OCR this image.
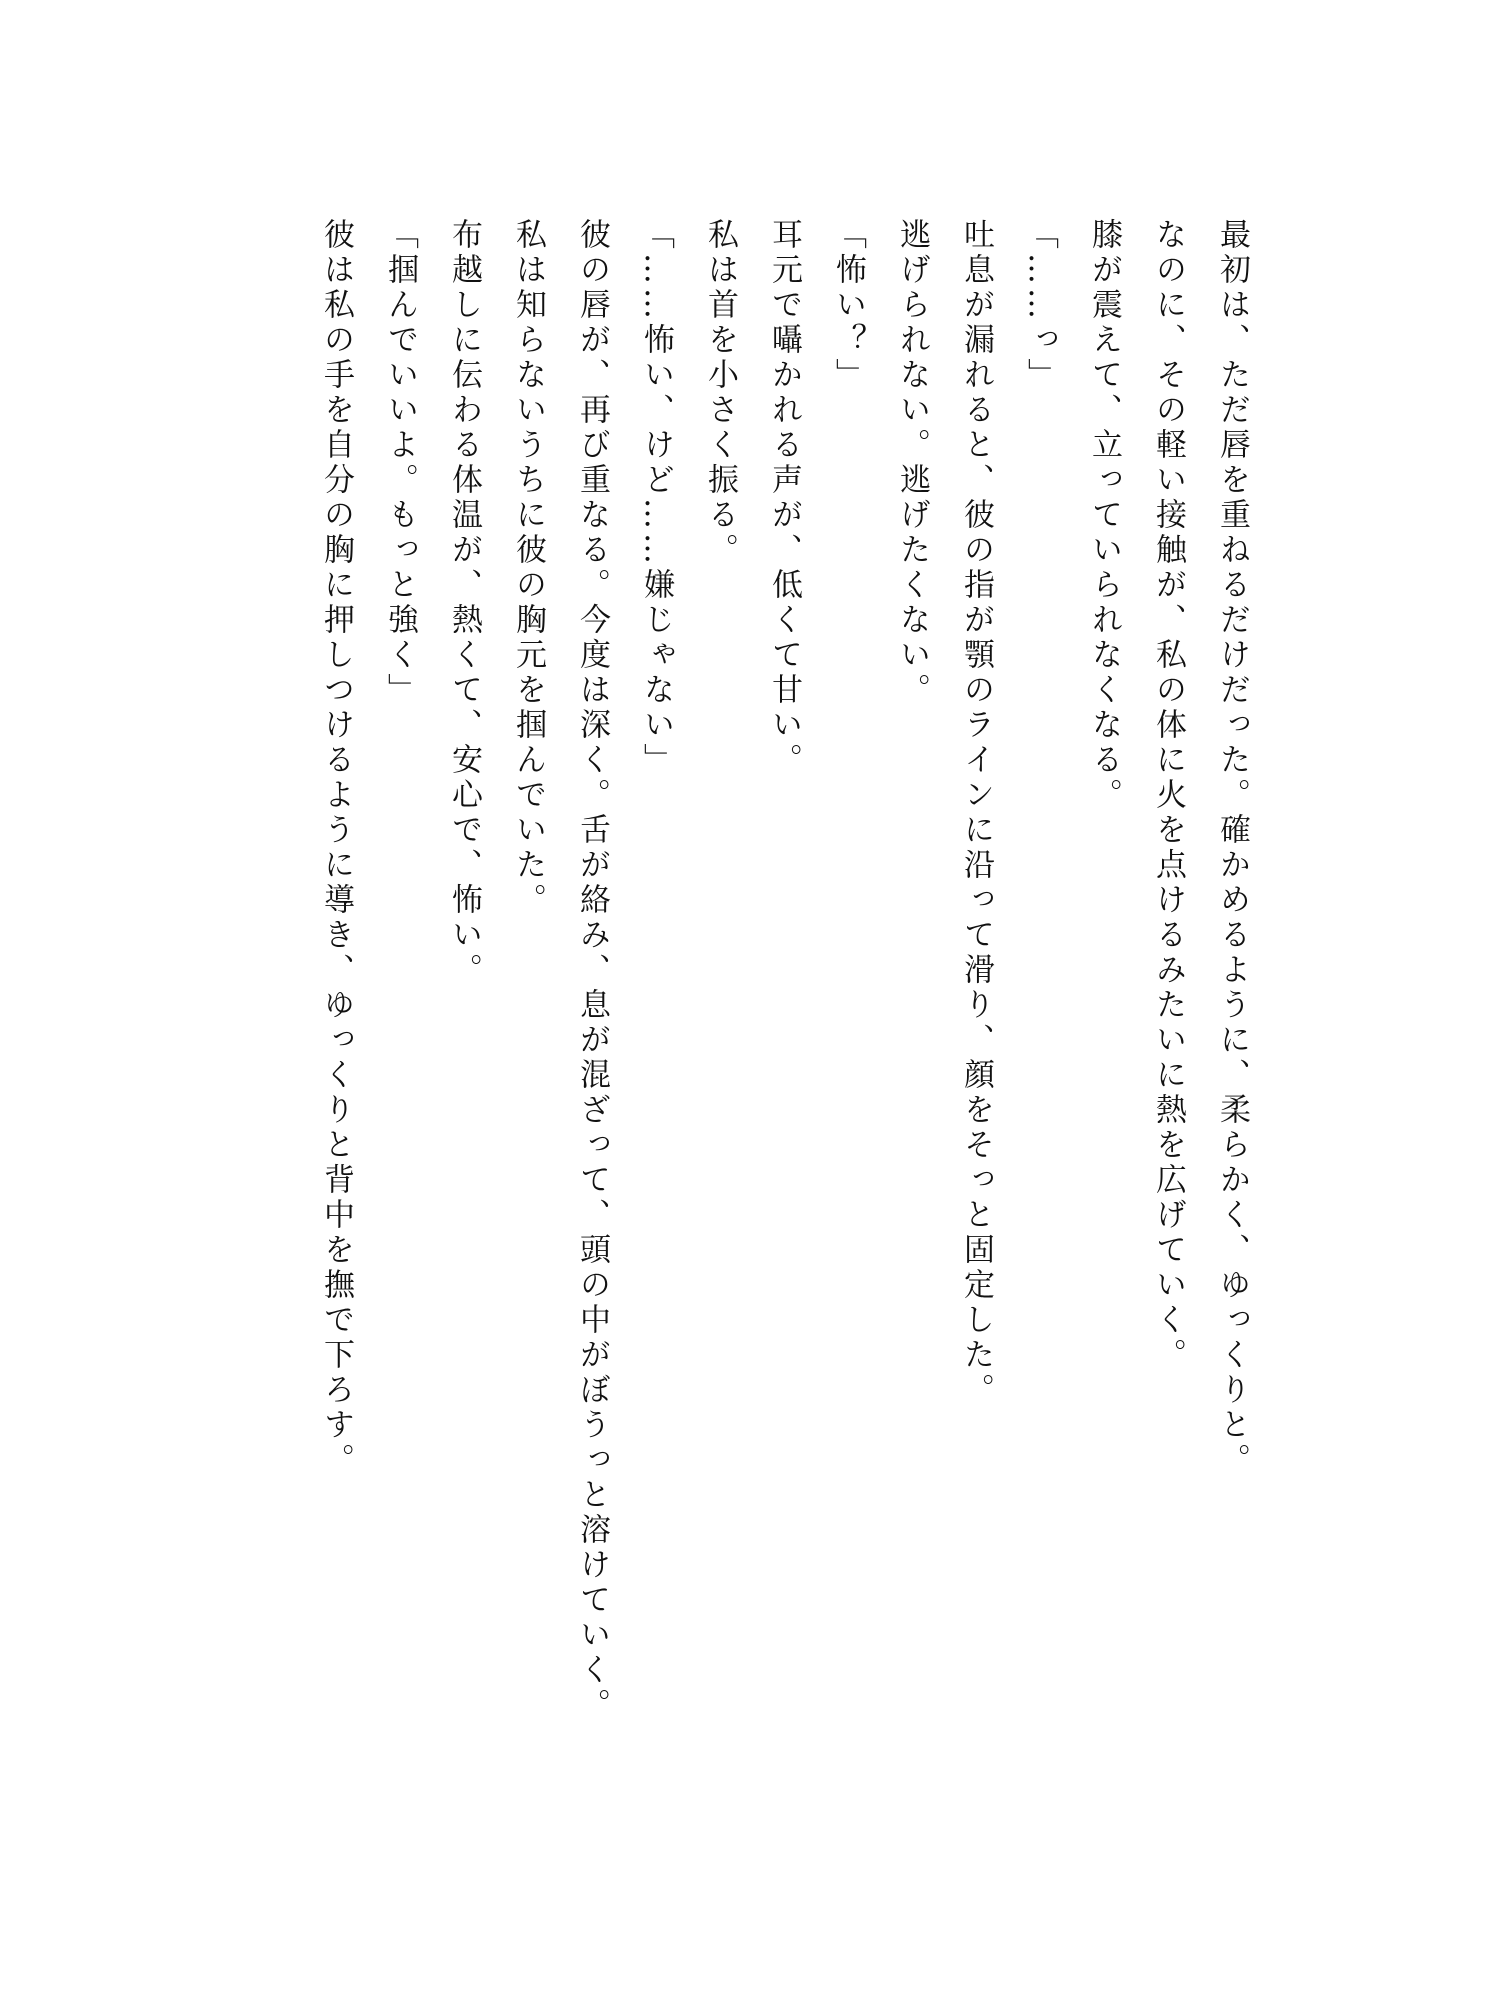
最初は、ただ唇を重ねるだけだった。確かめるように、柔らかく、ゆっくりと。
なのに、その軽い接触が、私の体に火を点けるみたいに熱を広げていく。
膝が震えて、立っていられなくなる。
「……っ」
吐息が漏れると、彼の指が顎のラインに沿って滑り、顔をそっと固定した。
逃げられない。逃げたくない。
「怖い？」
耳元で囁かれる声が、低くて甘い。
私は首を小さく振る。
「……怖い、けど……嫌じゃない」
彼の唇が、再び重なる。今度は深く。舌が絡み、息が混ざって、頭の中がぼうっと溶けていく。
私は知らないうちに彼の胸元を掴んでいた。
布越しに伝わる体温が、熱くて、安心で、怖い。
「掴んでいいよ。もっと強く」
彼は私の手を自分の胸に押しつけるように導き、ゆっくりと背中を撫で下ろす。
